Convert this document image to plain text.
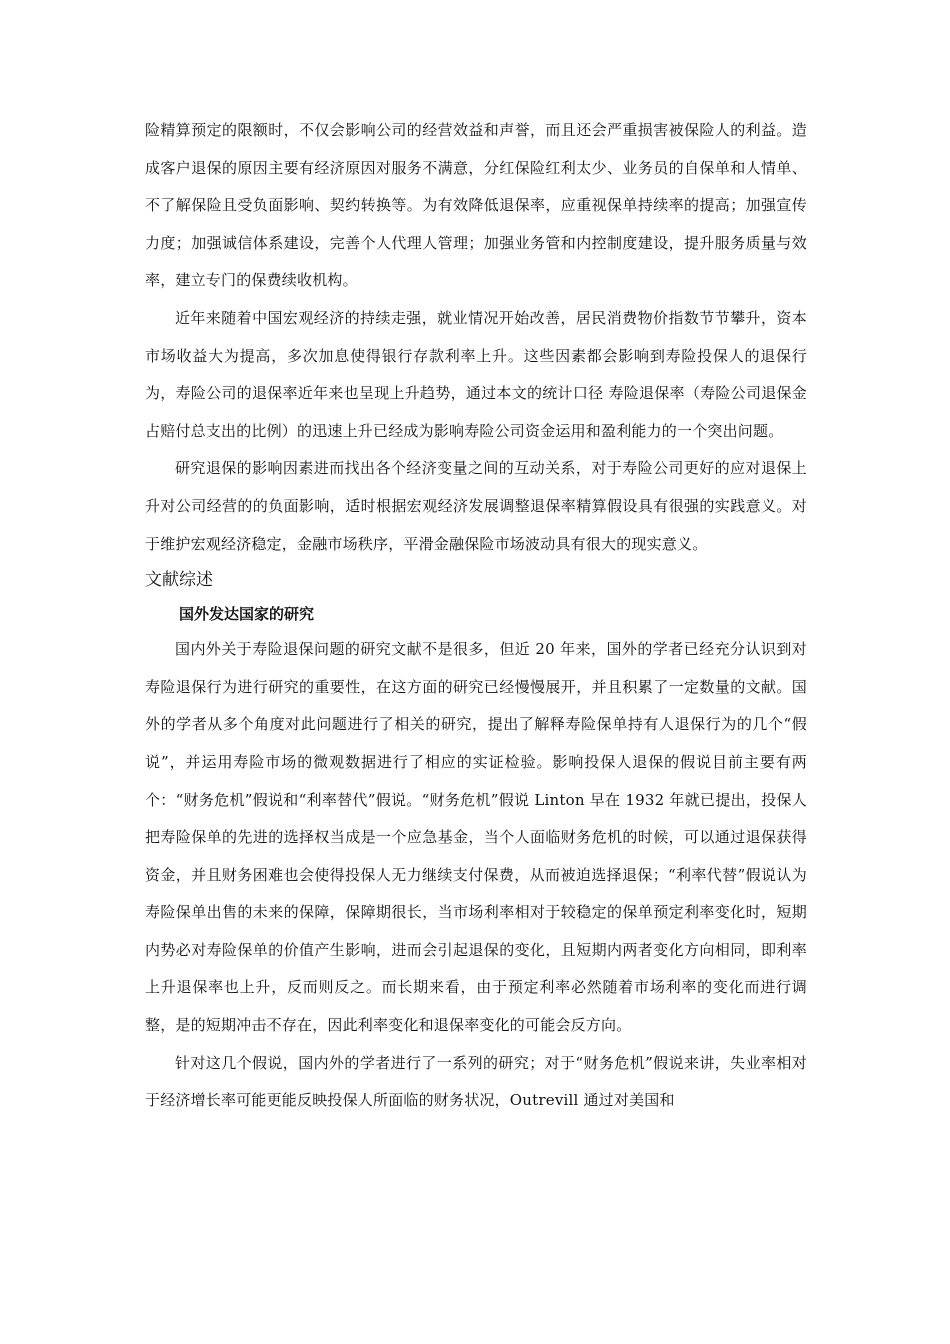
险精算预定的限额时，不仅会影响公司的经营效益和声誉，而且还会严重损害被保险人的利益。造成客户退保的原因主要有经济原因对服务不满意，分红保险红利太少、业务员的自保单和人情单、不了解保险且受负面影响、契约转换等。为有效降低退保率，应重视保单持续率的提高；加强宣传力度；加强诚信体系建设，完善个人代理人管理；加强业务管和内控制度建设，提升服务质量与效率，建立专门的保费续收机构。

近年来随着中国宏观经济的持续走强，就业情况开始改善，居民消费物价指数节节攀升，资本市场收益大为提高，多次加息使得银行存款利率上升。这些因素都会影响到寿险投保人的退保行为，寿险公司的退保率近年来也呈现上升趋势，通过本文的统计口径 寿险退保率（寿险公司退保金占赔付总支出的比例）的迅速上升已经成为影响寿险公司资金运用和盈利能力的一个突出问题。

研究退保的影响因素进而找出各个经济变量之间的互动关系，对于寿险公司更好的应对退保上升对公司经营的的负面影响，适时根据宏观经济发展调整退保率精算假设具有很强的实践意义。对于维护宏观经济稳定，金融市场秩序，平滑金融保险市场波动具有很大的现实意义。

文献综述
国外发达国家的研究

国内外关于寿险退保问题的研究文献不是很多，但近 20 年来，国外的学者已经充分认识到对寿险退保行为进行研究的重要性，在这方面的研究已经慢慢展开，并且积累了一定数量的文献。国外的学者从多个角度对此问题进行了相关的研究，提出了解释寿险保单持有人退保行为的几个“假说”，并运用寿险市场的微观数据进行了相应的实证检验。影响投保人退保的假说目前主要有两个：“财务危机”假说和“利率替代”假说。“财务危机”假说 Linton 早在 1932 年就已提出，投保人把寿险保单的先进的选择权当成是一个应急基金，当个人面临财务危机的时候，可以通过退保获得资金，并且财务困难也会使得投保人无力继续支付保费，从而被迫选择退保；“利率代替”假说认为寿险保单出售的未来的保障，保障期很长，当市场利率相对于较稳定的保单预定利率变化时，短期内势必对寿险保单的价值产生影响，进而会引起退保的变化，且短期内两者变化方向相同，即利率上升退保率也上升，反而则反之。而长期来看，由于预定利率必然随着市场利率的变化而进行调整，是的短期冲击不存在，因此利率变化和退保率变化的可能会反方向。

针对这几个假说，国内外的学者进行了一系列的研究；对于“财务危机”假说来讲，失业率相对于经济增长率可能更能反映投保人所面临的财务状况，Outrevill 通过对美国和
